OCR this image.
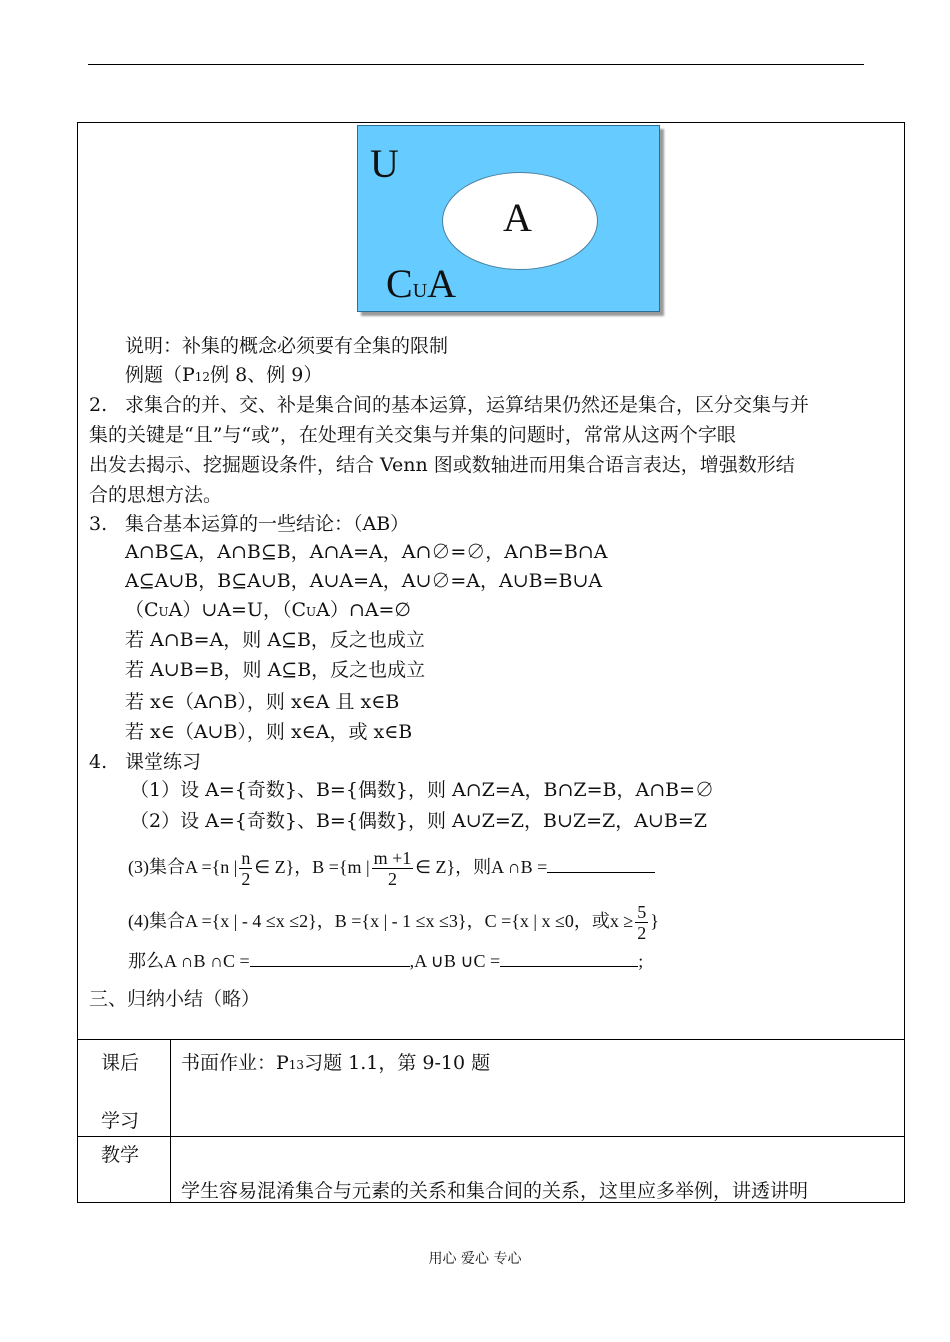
U
A
CUA
说明：补集的概念必须要有全集的限制
例题（P12例 8、例 9）
2. 求集合的并、交、补是集合间的基本运算，运算结果仍然还是集合，区分交集与并
集的关键是“且”与“或”，在处理有关交集与并集的问题时，常常从这两个字眼
出发去揭示、挖掘题设条件，结合 Venn 图或数轴进而用集合语言表达，增强数形结
合的思想方法。
3. 集合基本运算的一些结论：（AB）
A∩B⊆A，A∩B⊆B，A∩A=A，A∩∅=∅，A∩B=B∩A
A⊆A∪B，B⊆A∪B，A∪A=A，A∪∅=A，A∪B=B∪A
（CUA）∪A=U，（CUA）∩A=∅
若 A∩B=A，则 A⊆B，反之也成立
若 A∪B=B，则 A⊆B，反之也成立
若 x∈（A∩B），则 x∈A 且 x∈B
若 x∈（A∪B），则 x∈A，或 x∈B
4. 课堂练习
（1）设 A={奇数}、B={偶数}，则 A∩Z=A，B∩Z=B，A∩B=∅
（2）设 A={奇数}、B={偶数}，则 A∪Z=Z，B∪Z=Z，A∪B=Z
(3)集合A ={n | $\frac{n}{2}$ ∈ Z}，B ={m | $\frac{m +1}{2}$ ∈ Z}，则A ∩B =
(4)集合A ={x | - 4 ≤x ≤2}，B ={x | - 1 ≤x ≤3}，C ={x | x ≤0，或$x \ge \frac{5}{2}$ }
那么A ∩B ∩C =	,A ∪B ∪C =	;
三、归纳小结（略）
课后
学习
书面作业：P13习题 1.1，第 9-10 题
教学
学生容易混淆集合与元素的关系和集合间的关系，这里应多举例，讲透讲明
用心 爱心 专心
